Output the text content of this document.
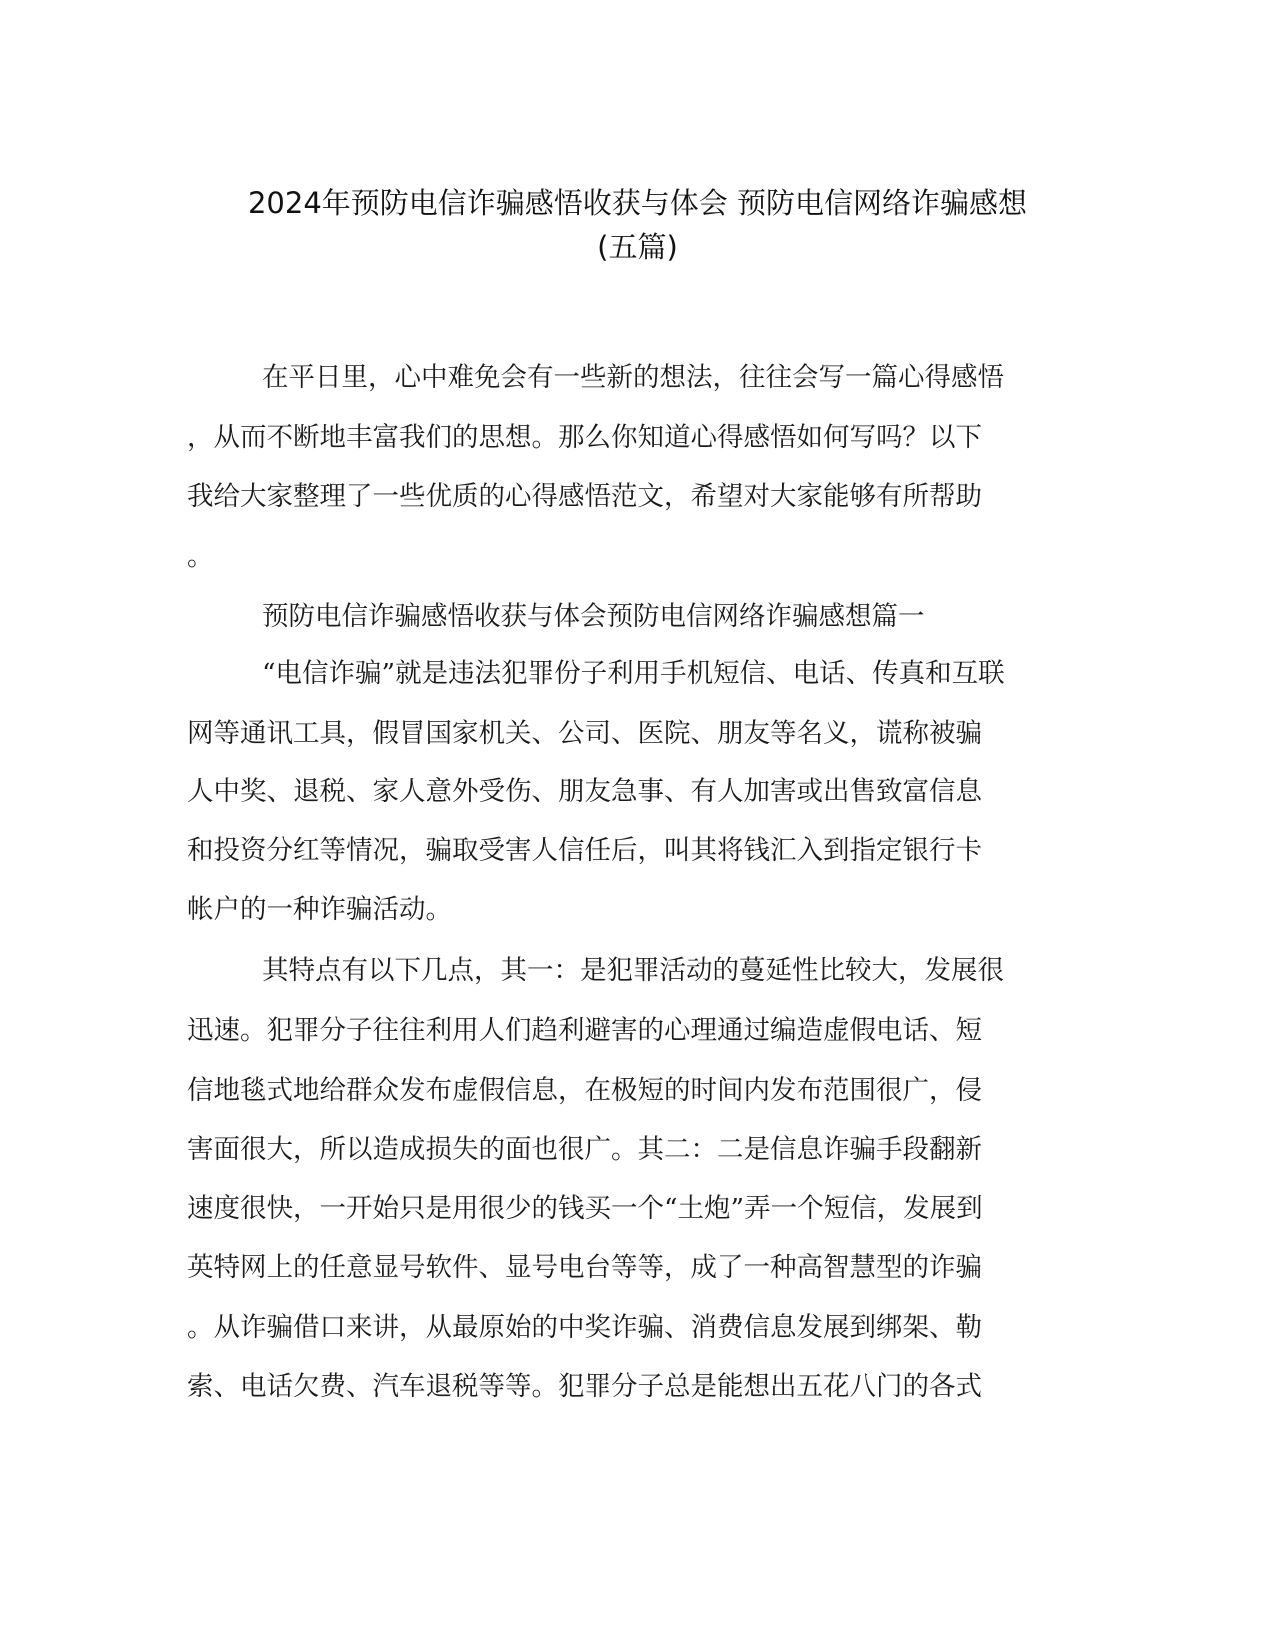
2024年预防电信诈骗感悟收获与体会 预防电信网络诈骗感想
(五篇)
在平日里，心中难免会有一些新的想法，往往会写一篇心得感悟
，从而不断地丰富我们的思想。那么你知道心得感悟如何写吗？以下
我给大家整理了一些优质的心得感悟范文，希望对大家能够有所帮助
。
预防电信诈骗感悟收获与体会预防电信网络诈骗感想篇一
“电信诈骗”就是违法犯罪份子利用手机短信、电话、传真和互联
网等通讯工具，假冒国家机关、公司、医院、朋友等名义，谎称被骗
人中奖、退税、家人意外受伤、朋友急事、有人加害或出售致富信息
和投资分红等情况，骗取受害人信任后，叫其将钱汇入到指定银行卡
帐户的一种诈骗活动。
其特点有以下几点，其一：是犯罪活动的蔓延性比较大，发展很
迅速。犯罪分子往往利用人们趋利避害的心理通过编造虚假电话、短
信地毯式地给群众发布虚假信息，在极短的时间内发布范围很广，侵
害面很大，所以造成损失的面也很广。其二：二是信息诈骗手段翻新
速度很快，一开始只是用很少的钱买一个“土炮”弄一个短信，发展到
英特网上的任意显号软件、显号电台等等，成了一种高智慧型的诈骗
。从诈骗借口来讲，从最原始的中奖诈骗、消费信息发展到绑架、勒
索、电话欠费、汽车退税等等。犯罪分子总是能想出五花八门的各式
